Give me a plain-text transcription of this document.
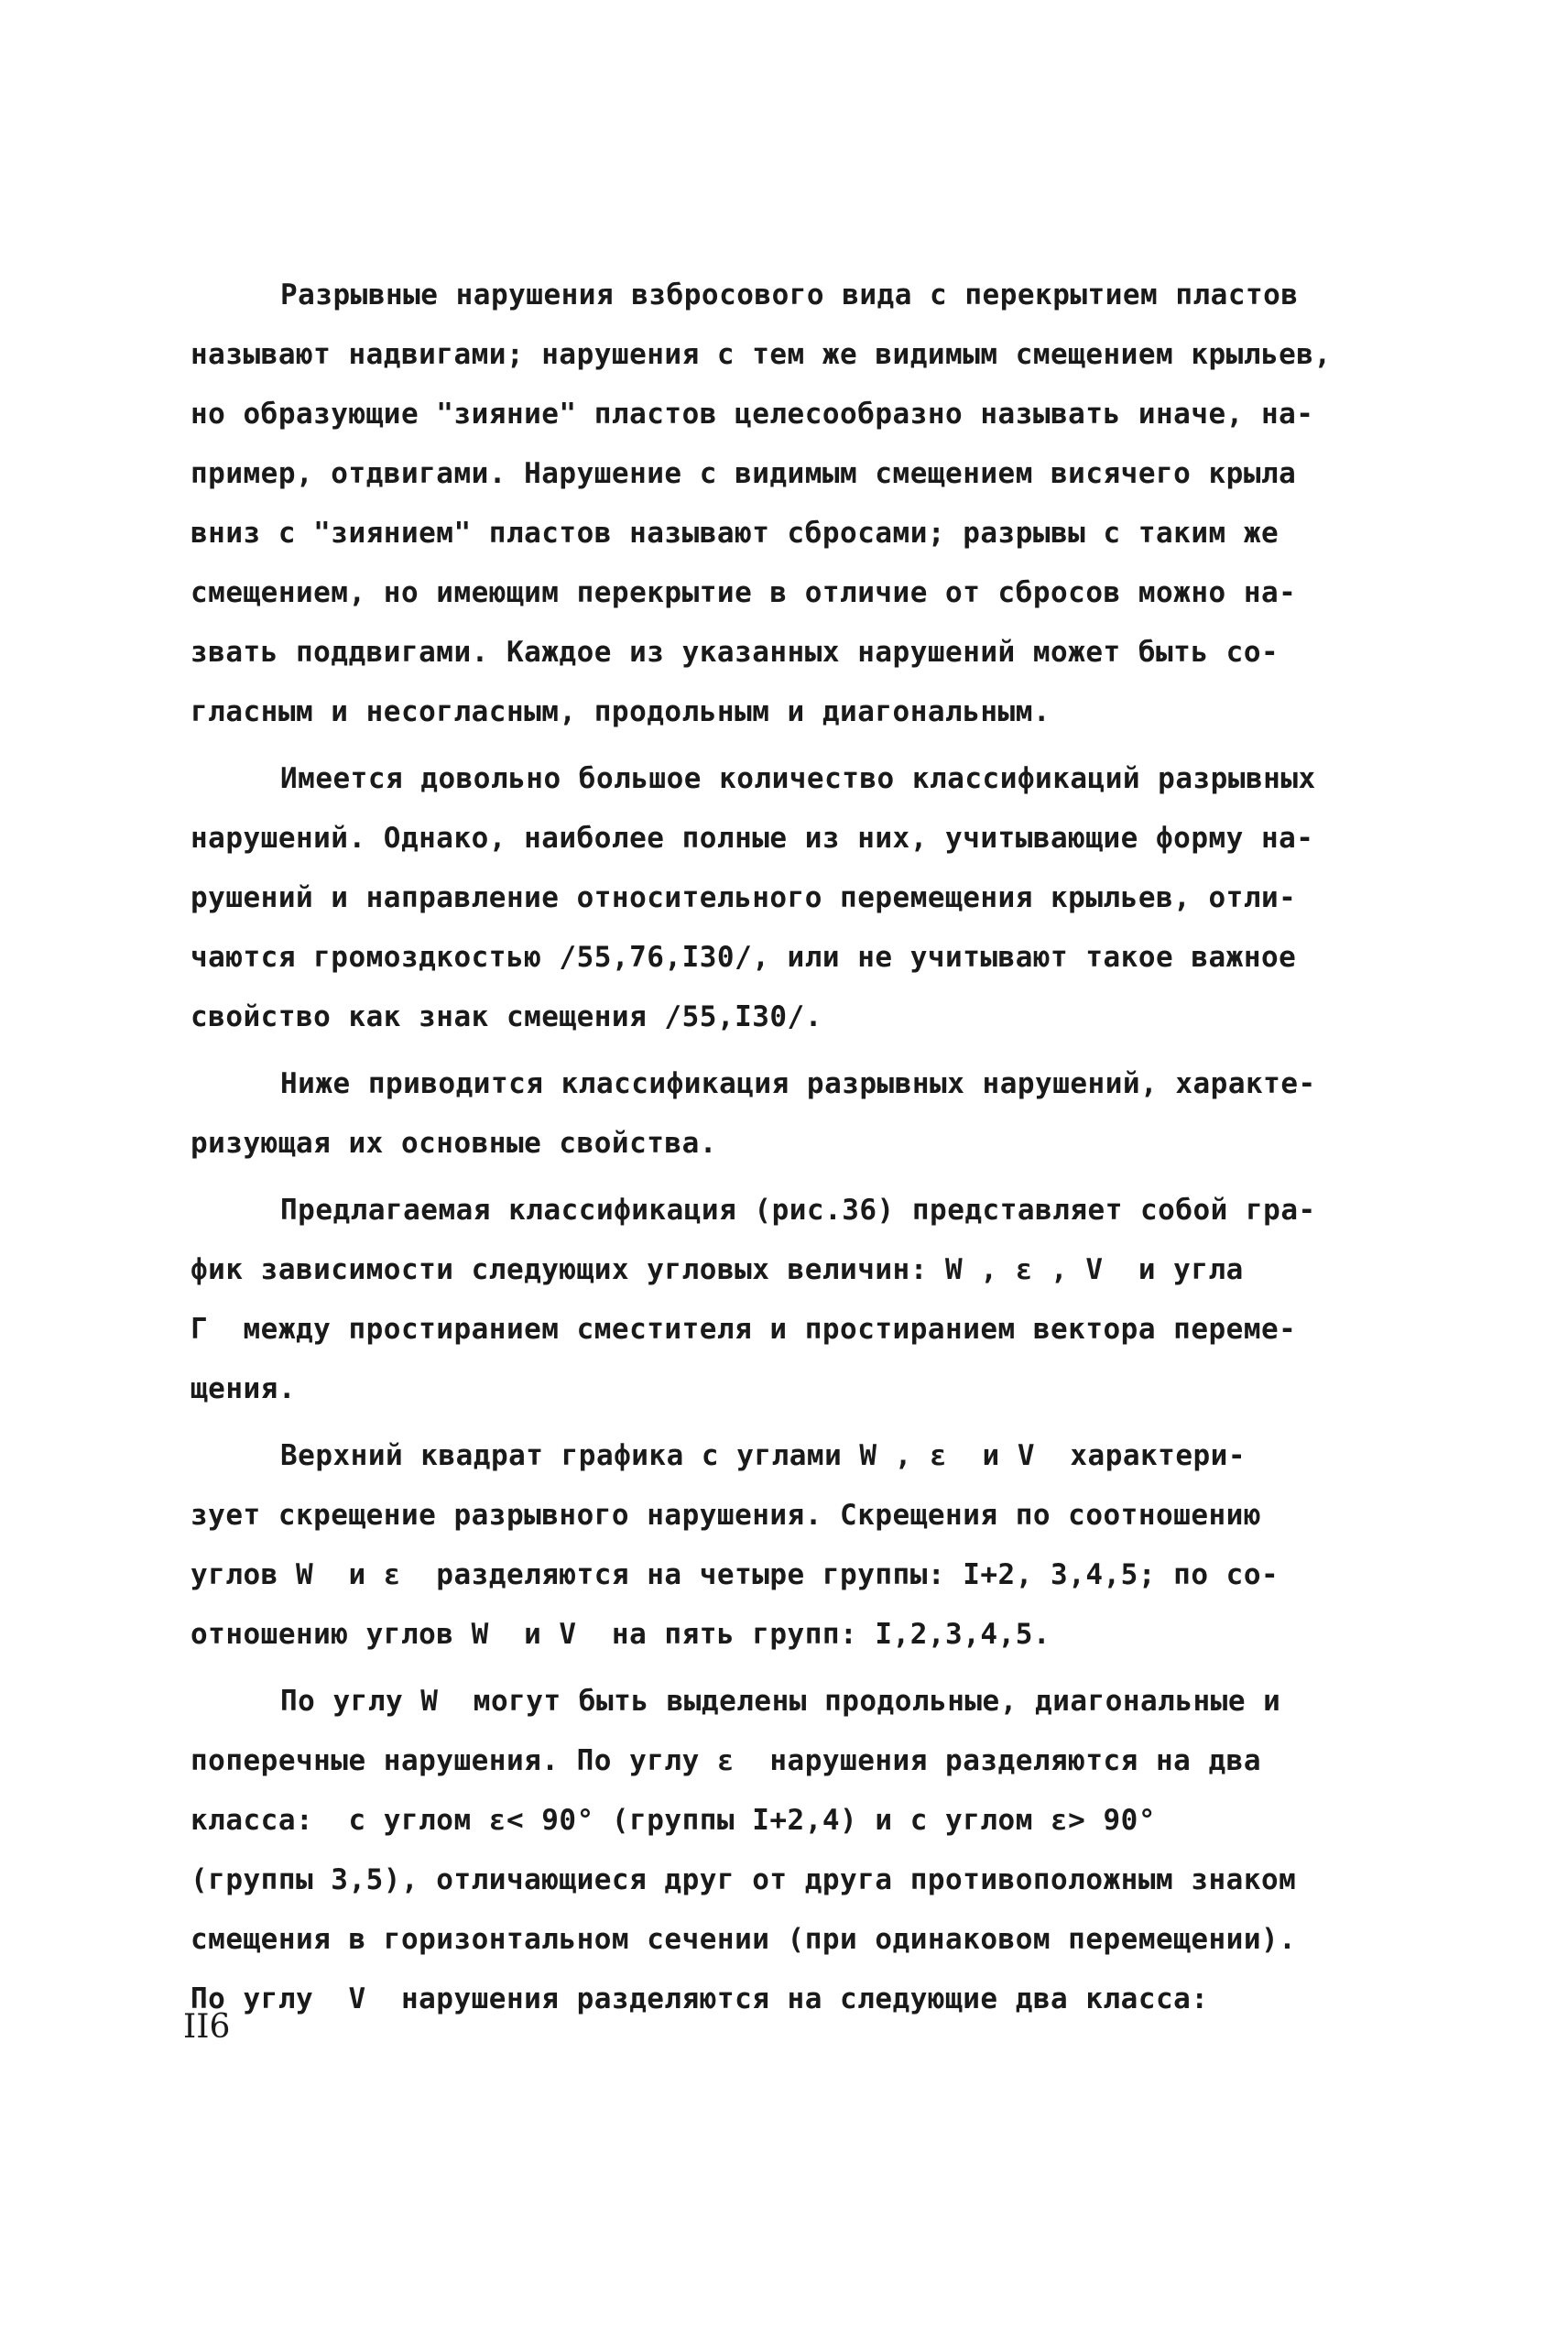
Разрывные нарушения взбросового вида с перекрытием пластов
называют надвигами; нарушения с тем же видимым смещением крыльев,
но образующие "зияние" пластов целесообразно называть иначе, на-
пример, отдвигами. Нарушение с видимым смещением висячего крыла
вниз с "зиянием" пластов называют сбросами; разрывы с таким же
смещением, но имеющим перекрытие в отличие от сбросов можно на-
звать поддвигами. Каждое из указанных нарушений может быть со-
гласным и несогласным, продольным и диагональным.
Имеется довольно большое количество классификаций разрывных
нарушений. Однако, наиболее полные из них, учитывающие форму на-
рушений и направление относительного перемещения крыльев, отли-
чаются громоздкостью /55,76,I30/, или не учитывают такое важное
свойство как знак смещения /55,I30/.
Ниже приводится классификация разрывных нарушений, характе-
ризующая их основные свойства.
Предлагаемая классификация (рис.36) представляет собой гра-
фик зависимости следующих угловых величин: W , ε , V  и угла
Γ  между простиранием сместителя и простиранием вектора переме-
щения.
Верхний квадрат графика с углами W , ε  и V  характери-
зует скрещение разрывного нарушения. Скрещения по соотношению
углов W  и ε  разделяются на четыре группы: I+2, 3,4,5; по со-
отношению углов W  и V  на пять групп: I,2,3,4,5.
По углу W  могут быть выделены продольные, диагональные и
поперечные нарушения. По углу ε  нарушения разделяются на два
класса:  с углом ε< 90° (группы I+2,4) и с углом ε> 90°
(группы 3,5), отличающиеся друг от друга противоположным знаком
смещения в горизонтальном сечении (при одинаковом перемещении).
По углу  V  нарушения разделяются на следующие два класса:
II6
